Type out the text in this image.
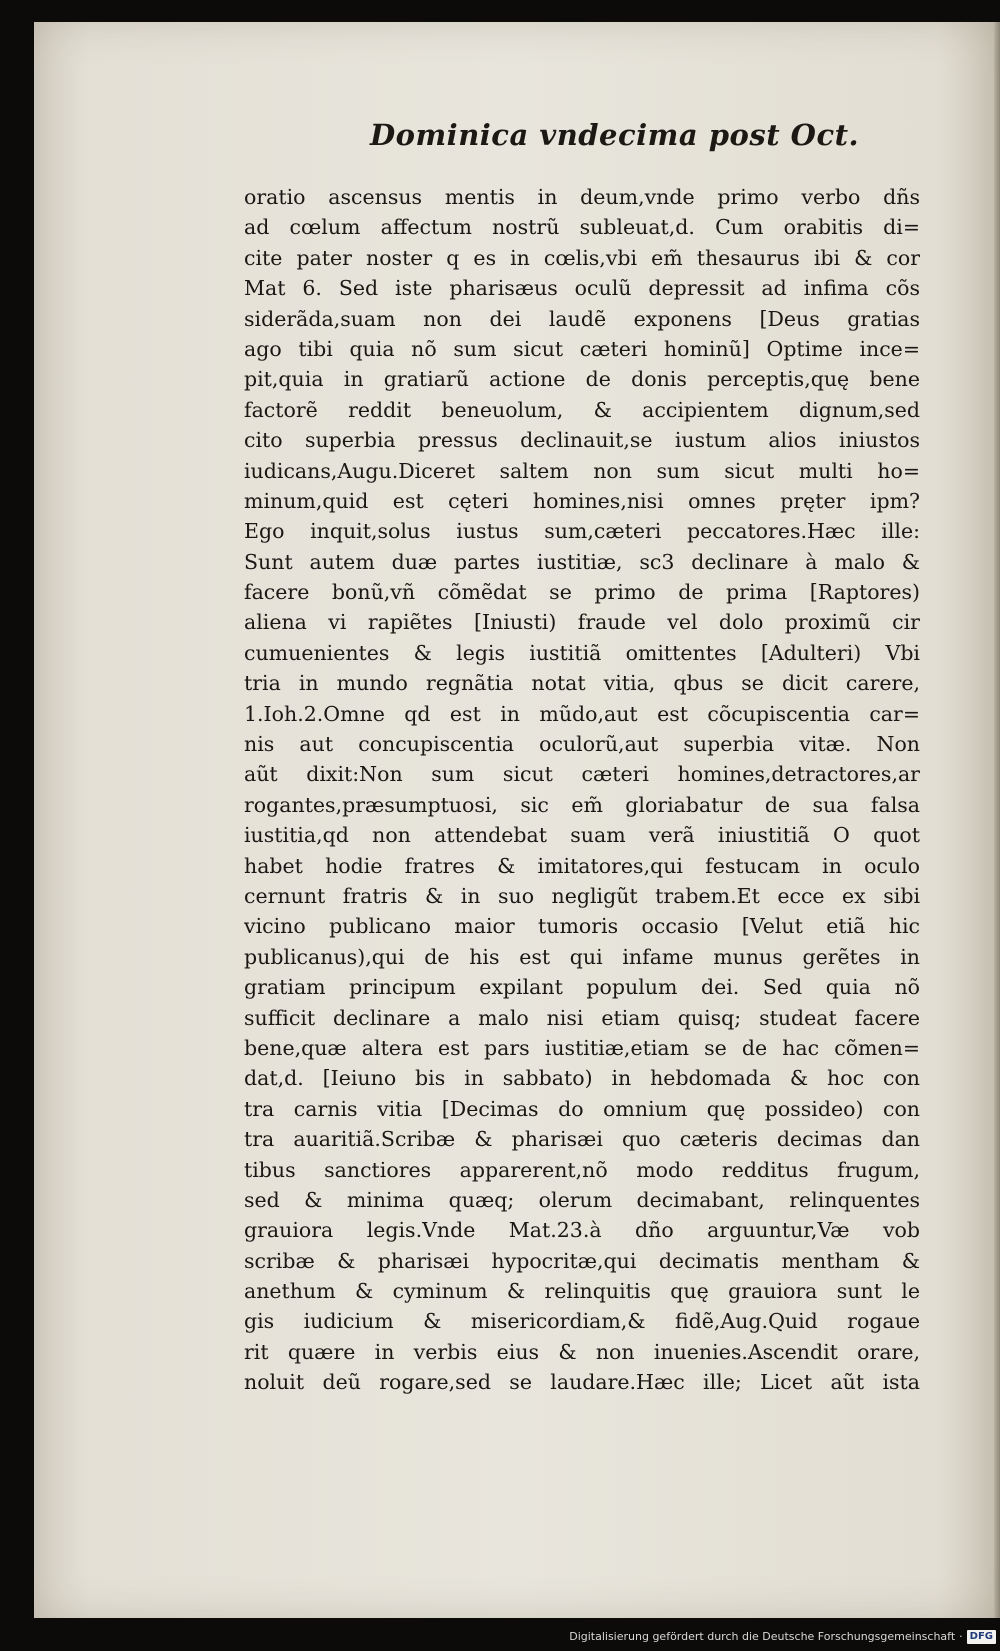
Dominica vndecima post Oct.
oratio ascensus mentis in deum,vnde primo verbo dñs
ad cœlum affectum nostrũ subleuat,d. Cum orabitis di=
cite pater noster q es in cœlis,vbi em̃ thesaurus ibi & cor
Mat 6. Sed iste pharisæus oculũ depressit ad infima cõs
siderãda,suam non dei laudẽ exponens [Deus gratias
ago tibi quia nõ sum sicut cæteri hominũ] Optime ince=
pit,quia in gratiarũ actione de donis perceptis,quę bene
factorẽ reddit beneuolum, & accipientem dignum,sed
cito superbia pressus declinauit,se iustum alios iniustos
iudicans,Augu.Diceret saltem non sum sicut multi ho=
minum,quid est cęteri homines,nisi omnes pręter ipm?
Ego inquit,solus iustus sum,cæteri peccatores.Hæc ille:
Sunt autem duæ partes iustitiæ, sc3 declinare à malo &
facere bonũ,vñ cõmẽdat se primo de prima [Raptores)
aliena vi rapiẽtes [Iniusti) fraude vel dolo proximũ cir
cumuenientes & legis iustitiã omittentes [Adulteri) Vbi
tria in mundo regnãtia notat vitia, qbus se dicit carere,
1.Ioh.2.Omne qd est in mũdo,aut est cõcupiscentia car=
nis aut concupiscentia oculorũ,aut superbia vitæ. Non
aũt dixit:Non sum sicut cæteri homines,detractores,ar
rogantes,præsumptuosi, sic em̃ gloriabatur de sua falsa
iustitia,qd non attendebat suam verã iniustitiã O quot
habet hodie fratres & imitatores,qui festucam in oculo
cernunt fratris & in suo negligũt trabem.Et ecce ex sibi
vicino publicano maior tumoris occasio [Velut etiã hic
publicanus),qui de his est qui infame munus gerẽtes in
gratiam principum expilant populum dei. Sed quia nõ
sufficit declinare a malo nisi etiam quisq; studeat facere
bene,quæ altera est pars iustitiæ,etiam se de hac cõmen=
dat,d. [Ieiuno bis in sabbato) in hebdomada & hoc con
tra carnis vitia [Decimas do omnium quę possideo) con
tra auaritiã.Scribæ & pharisæi quo cæteris decimas dan
tibus sanctiores apparerent,nõ modo redditus frugum,
sed & minima quæq; olerum decimabant, relinquentes
grauiora legis.Vnde Mat.23.à dño arguuntur,Væ vob
scribæ & pharisæi hypocritæ,qui decimatis mentham &
anethum & cyminum & relinquitis quę grauiora sunt le
gis iudicium & misericordiam,& fidẽ,Aug.Quid rogaue
rit quære in verbis eius & non inuenies.Ascendit orare,
noluit deũ rogare,sed se laudare.Hæc ille; Licet aũt ista
Digitalisierung gefördert durch die Deutsche Forschungsgemeinschaft · DFG
